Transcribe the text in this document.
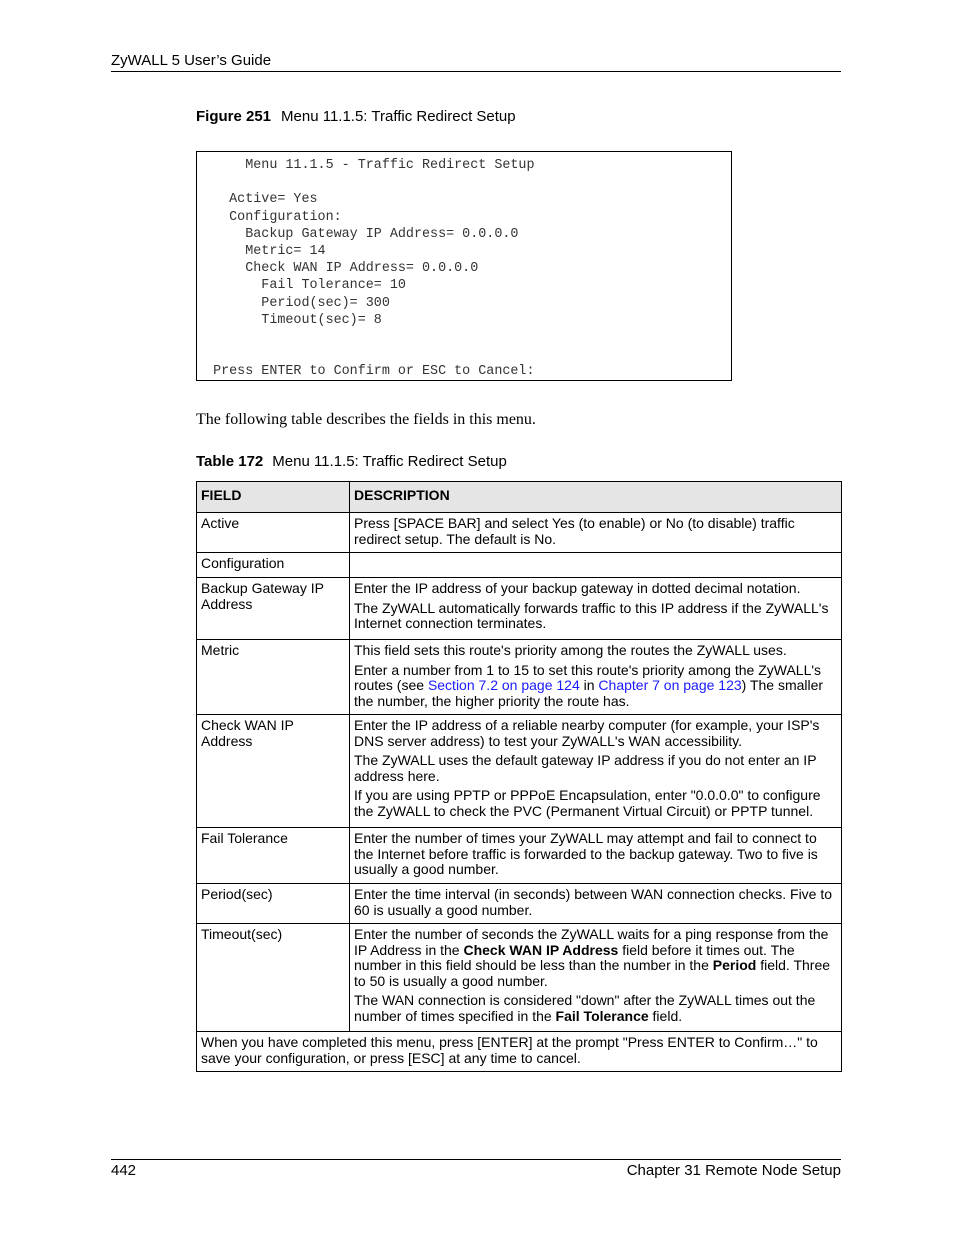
ZyWALL 5 User’s Guide
Figure 251 Menu 11.1.5: Traffic Redirect Setup
Menu 11.1.5 - Traffic Redirect Setup
Active= Yes
Configuration:
Backup Gateway IP Address= 0.0.0.0
Metric= 14
Check WAN IP Address= 0.0.0.0
Fail Tolerance= 10
Period(sec)= 300
Timeout(sec)= 8
Press ENTER to Confirm or ESC to Cancel:
The following table describes the fields in this menu.
Table 172 Menu 11.1.5: Traffic Redirect Setup
FIELD	DESCRIPTION
Active	Press [SPACE BAR] and select Yes (to enable) or No (to disable) traffic redirect setup. The default is No.

Configuration	
Backup Gateway IP Address	Enter the IP address of your backup gateway in dotted decimal notation.

The ZyWALL automatically forwards traffic to this IP address if the ZyWALL's Internet connection terminates.

Metric	This field sets this route's priority among the routes the ZyWALL uses.

Enter a number from 1 to 15 to set this route's priority among the ZyWALL's routes (see Section 7.2 on page 124 in Chapter 7 on page 123) The smaller the number, the higher priority the route has.

Check WAN IP Address	Enter the IP address of a reliable nearby computer (for example, your ISP's DNS server address) to test your ZyWALL's WAN accessibility.

The ZyWALL uses the default gateway IP address if you do not enter an IP address here.

If you are using PPTP or PPPoE Encapsulation, enter "0.0.0.0" to configure the ZyWALL to check the PVC (Permanent Virtual Circuit) or PPTP tunnel.

Fail Tolerance	Enter the number of times your ZyWALL may attempt and fail to connect to the Internet before traffic is forwarded to the backup gateway. Two to five is usually a good number.

Period(sec)	Enter the time interval (in seconds) between WAN connection checks. Five to 60 is usually a good number.

Timeout(sec)	Enter the number of seconds the ZyWALL waits for a ping response from the IP Address in the Check WAN IP Address field before it times out. The number in this field should be less than the number in the Period field. Three to 50 is usually a good number.

The WAN connection is considered "down" after the ZyWALL times out the number of times specified in the Fail Tolerance field.

When you have completed this menu, press [ENTER] at the prompt "Press ENTER to Confirm…" to save your configuration, or press [ESC] at any time to cancel.	
442	Chapter 31 Remote Node Setup
